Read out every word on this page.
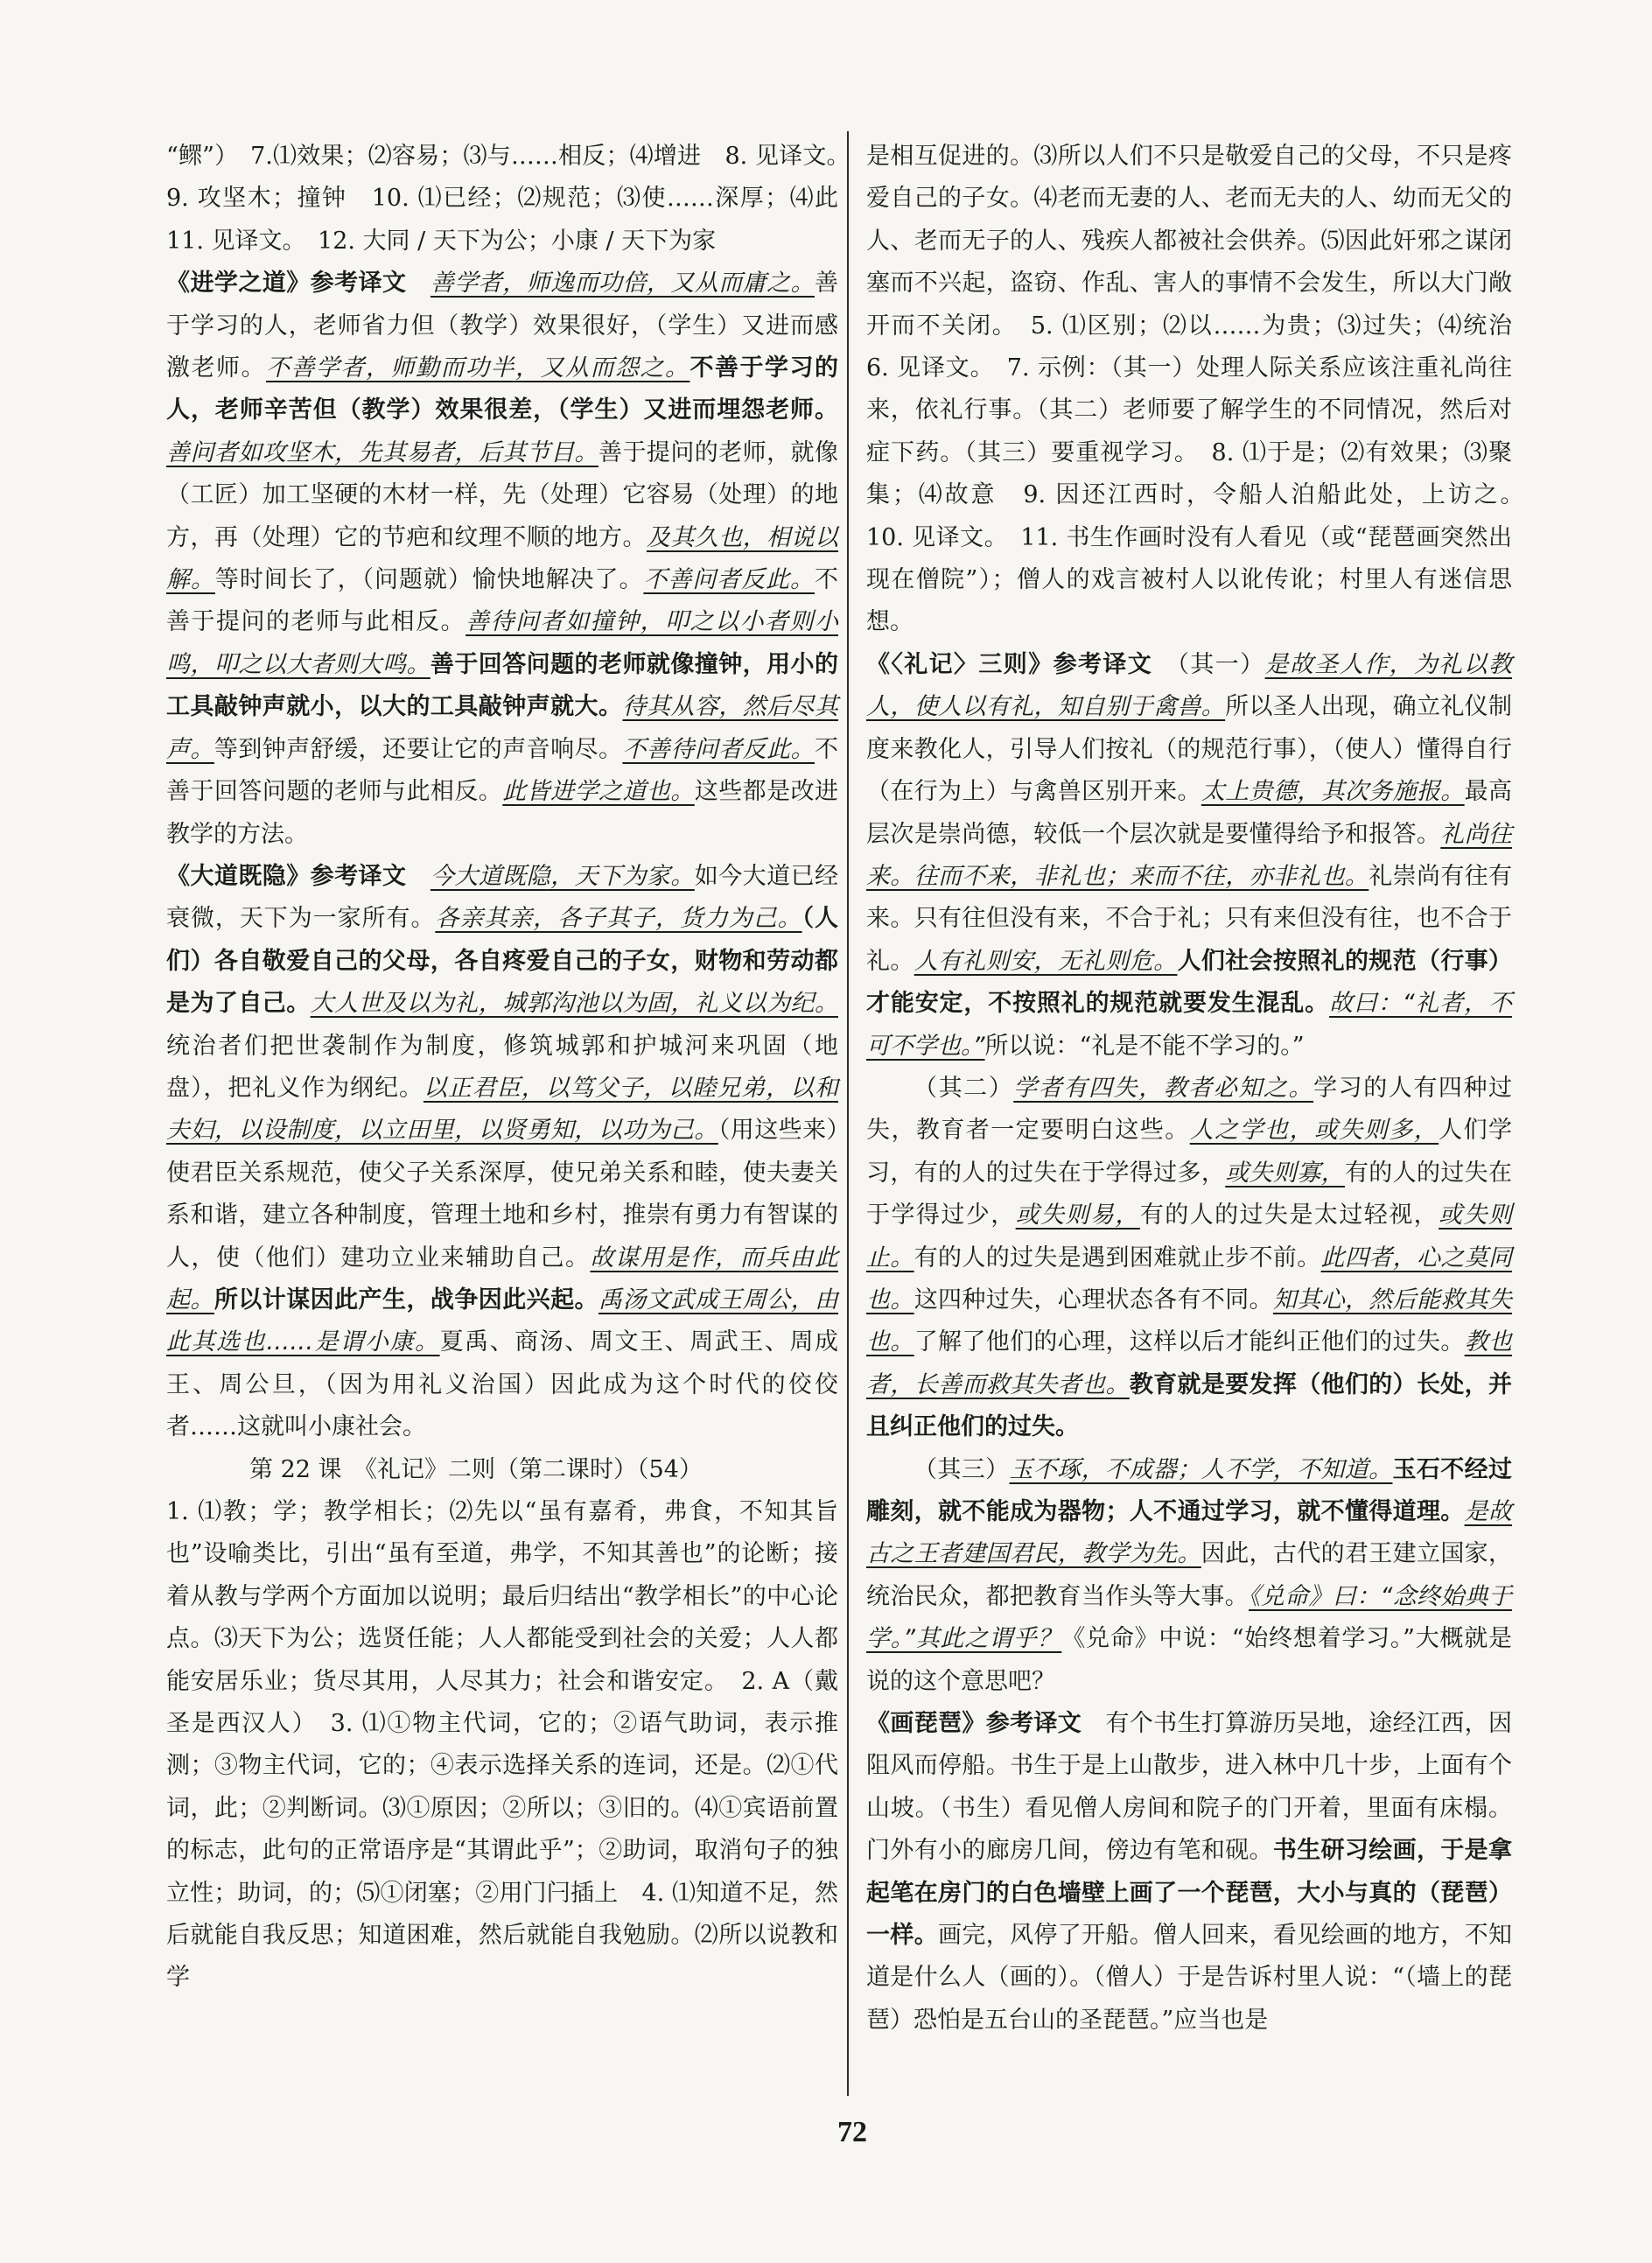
“鳏”）　 7.⑴效果；⑵容易；⑶与……相反；⑷增进　 8. 见译文。　9. 攻坚木；撞钟　 10. ⑴已经；⑵规范；⑶使……深厚；⑷此　11. 见译文。　 12. 大同 / 天下为公；小康 / 天下为家

《进学之道》参考译文　 善学者，师逸而功倍，又从而庸之。善于学习的人，老师省力但（教学）效果很好，（学生）又进而感激老师。不善学者，师勤而功半，又从而怨之。不善于学习的人，老师辛苦但（教学）效果很差，（学生）又进而埋怨老师。善问者如攻坚木，先其易者，后其节目。善于提问的老师，就像（工匠）加工坚硬的木材一样，先（处理）它容易（处理）的地方，再（处理）它的节疤和纹理不顺的地方。及其久也，相说以解。等时间长了，（问题就）愉快地解决了。不善问者反此。不善于提问的老师与此相反。善待问者如撞钟，叩之以小者则小鸣，叩之以大者则大鸣。善于回答问题的老师就像撞钟，用小的工具敲钟声就小，以大的工具敲钟声就大。待其从容，然后尽其声。等到钟声舒缓，还要让它的声音响尽。不善待问者反此。不善于回答问题的老师与此相反。此皆进学之道也。这些都是改进教学的方法。

《大道既隐》参考译文　 今大道既隐，天下为家。如今大道已经衰微，天下为一家所有。各亲其亲，各子其子，货力为己。（人们）各自敬爱自己的父母，各自疼爱自己的子女，财物和劳动都是为了自己。大人世及以为礼，城郭沟池以为固，礼义以为纪。统治者们把世袭制作为制度，修筑城郭和护城河来巩固（地盘），把礼义作为纲纪。以正君臣，以笃父子，以睦兄弟，以和夫妇，以设制度，以立田里，以贤勇知，以功为己。（用这些来）使君臣关系规范，使父子关系深厚，使兄弟关系和睦，使夫妻关系和谐，建立各种制度，管理土地和乡村，推崇有勇力有智谋的人，使（他们）建功立业来辅助自己。故谋用是作，而兵由此起。所以计谋因此产生，战争因此兴起。禹汤文武成王周公，由此其选也……是谓小康。夏禹、商汤、周文王、周武王、周成王、周公旦，（因为用礼义治国）因此成为这个时代的佼佼者……这就叫小康社会。

第 22 课　《礼记》二则（第二课时）（54）

1. ⑴教；学；教学相长；⑵先以“虽有嘉肴，弗食，不知其旨也”设喻类比，引出“虽有至道，弗学，不知其善也”的论断；接着从教与学两个方面加以说明；最后归结出“教学相长”的中心论点。⑶天下为公；选贤任能；人人都能受到社会的关爱；人人都能安居乐业；货尽其用，人尽其力；社会和谐安定。　 2. A（戴圣是西汉人）　 3. ⑴①物主代词，它的；②语气助词，表示推测；③物主代词，它的；④表示选择关系的连词，还是。⑵①代词，此；②判断词。⑶①原因；②所以；③旧的。⑷①宾语前置的标志，此句的正常语序是“其谓此乎”；②助词，取消句子的独立性；助词，的；⑸①闭塞；②用门闩插上　 4. ⑴知道不足，然后就能自我反思；知道困难，然后就能自我勉励。⑵所以说教和学

是相互促进的。⑶所以人们不只是敬爱自己的父母，不只是疼爱自己的子女。⑷老而无妻的人、老而无夫的人、幼而无父的人、老而无子的人、残疾人都被社会供养。⑸因此奸邪之谋闭塞而不兴起，盗窃、作乱、害人的事情不会发生，所以大门敞开而不关闭。　 5. ⑴区别；⑵以……为贵；⑶过失；⑷统治　6. 见译文。　 7. 示例：（其一）处理人际关系应该注重礼尚往来，依礼行事。（其二）老师要了解学生的不同情况，然后对症下药。（其三）要重视学习。　 8. ⑴于是；⑵有效果；⑶聚集；⑷故意　 9. 因还江西时，令船人泊船此处，上访之。　10. 见译文。　 11. 书生作画时没有人看见（或“琵琶画突然出现在僧院”）；僧人的戏言被村人以讹传讹；村里人有迷信思想。

《〈礼记〉三则》参考译文　 （其一）是故圣人作，为礼以教人，使人以有礼，知自别于禽兽。所以圣人出现，确立礼仪制度来教化人，引导人们按礼（的规范行事），（使人）懂得自行（在行为上）与禽兽区别开来。太上贵德，其次务施报。最高层次是崇尚德，较低一个层次就是要懂得给予和报答。礼尚往来。往而不来，非礼也；来而不往，亦非礼也。礼崇尚有往有来。只有往但没有来，不合于礼；只有来但没有往，也不合于礼。人有礼则安，无礼则危。人们社会按照礼的规范（行事）才能安定，不按照礼的规范就要发生混乱。故曰：“礼者，不可不学也。”所以说：“礼是不能不学习的。”

（其二）学者有四失，教者必知之。学习的人有四种过失，教育者一定要明白这些。人之学也，或失则多，人们学习，有的人的过失在于学得过多，或失则寡，有的人的过失在于学得过少，或失则易，有的人的过失是太过轻视，或失则止。有的人的过失是遇到困难就止步不前。此四者，心之莫同也。这四种过失，心理状态各有不同。知其心，然后能救其失也。了解了他们的心理，这样以后才能纠正他们的过失。教也者，长善而救其失者也。教育就是要发挥（他们的）长处，并且纠正他们的过失。

（其三）玉不琢，不成器；人不学，不知道。玉石不经过雕刻，就不能成为器物；人不通过学习，就不懂得道理。是故古之王者建国君民，教学为先。因此，古代的君王建立国家，统治民众，都把教育当作头等大事。《兑命》曰：“念终始典于学。”其此之谓乎？《兑命》中说：“始终想着学习。”大概就是说的这个意思吧？

《画琵琶》参考译文　 有个书生打算游历吴地，途经江西，因阻风而停船。书生于是上山散步，进入林中几十步，上面有个山坡。（书生）看见僧人房间和院子的门开着，里面有床榻。门外有小的廊房几间，傍边有笔和砚。书生研习绘画，于是拿起笔在房门的白色墙壁上画了一个琵琶，大小与真的（琵琶）一样。画完，风停了开船。僧人回来，看见绘画的地方，不知道是什么人（画的）。（僧人）于是告诉村里人说：“（墙上的琵琶）恐怕是五台山的圣琵琶。”应当也是

72
